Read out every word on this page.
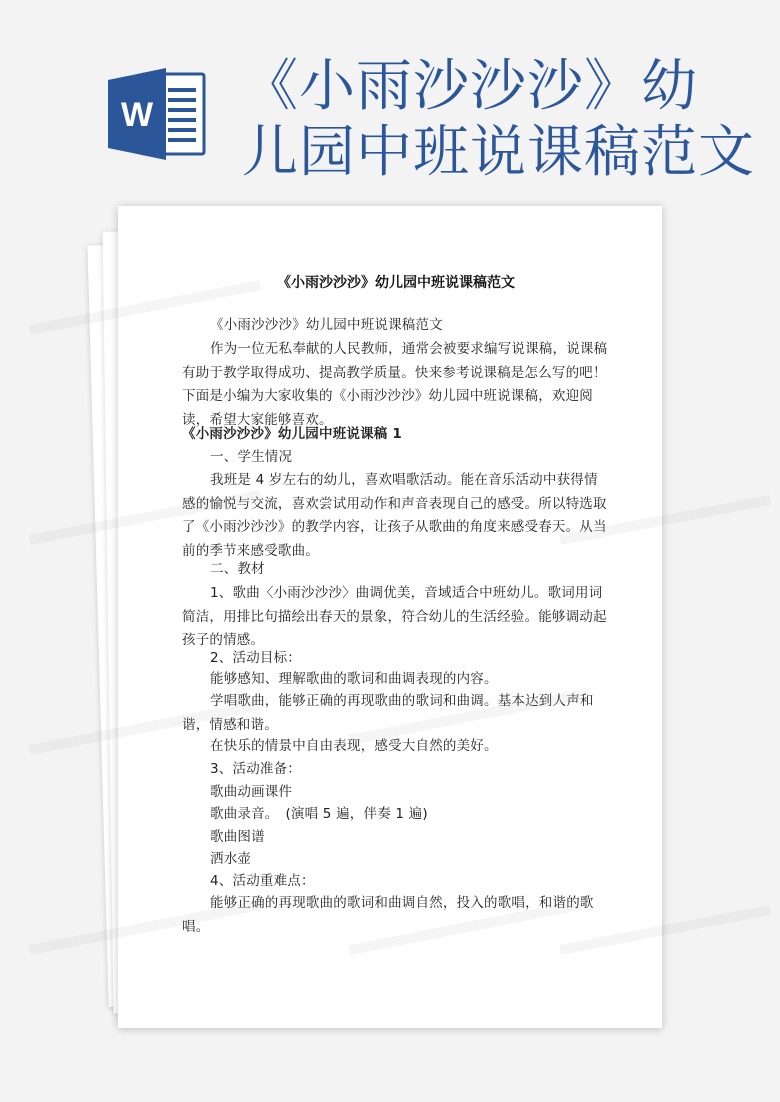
W 《小雨沙沙沙》幼
儿园中班说课稿范文
《小雨沙沙沙》幼儿园中班说课稿范文

《小雨沙沙沙》幼儿园中班说课稿范文

作为一位无私奉献的人民教师，通常会被要求编写说课稿，说课稿有助于教学取得成功、提高教学质量。快来参考说课稿是怎么写的吧！下面是小编为大家收集的《小雨沙沙沙》幼儿园中班说课稿，欢迎阅读，希望大家能够喜欢。

《小雨沙沙沙》幼儿园中班说课稿 1

一、学生情况

我班是 4 岁左右的幼儿，喜欢唱歌活动。能在音乐活动中获得情感的愉悦与交流，喜欢尝试用动作和声音表现自己的感受。所以特选取了《小雨沙沙沙》的教学内容，让孩子从歌曲的角度来感受春天。从当前的季节来感受歌曲。

二、教材

1、歌曲〈小雨沙沙沙〉曲调优美，音域适合中班幼儿。歌词用词简洁，用排比句描绘出春天的景象，符合幼儿的生活经验。能够调动起孩子的情感。

2、活动目标：

能够感知、理解歌曲的歌词和曲调表现的内容。

学唱歌曲，能够正确的再现歌曲的歌词和曲调。基本达到人声和谐，情感和谐。

在快乐的情景中自由表现，感受大自然的美好。

3、活动准备：

歌曲动画课件

歌曲录音。　(演唱 5 遍，伴奏 1 遍)

歌曲图谱

洒水壶

4、活动重难点：

能够正确的再现歌曲的歌词和曲调自然，投入的歌唱，和谐的歌唱。
